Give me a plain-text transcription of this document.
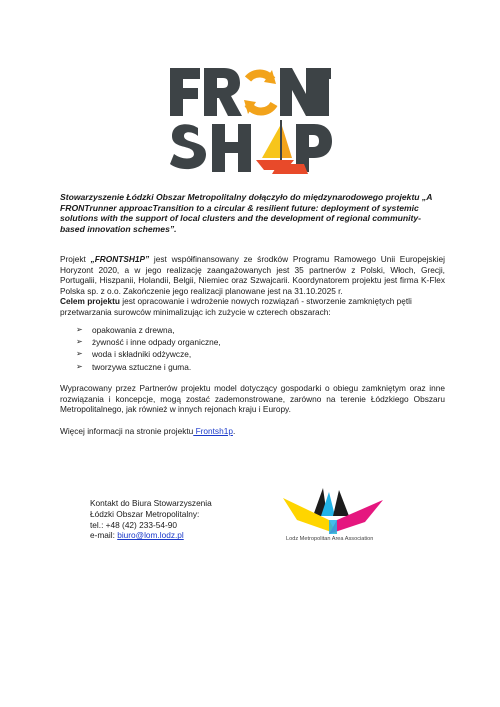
Stowarzyszenie Łódzki Obszar Metropolitalny dołączyło do międzynarodowego projektu „A FRONTrunner approacTransition to a circular & resilient future: deployment of systemic solutions with the support of local clusters and the development of regional community-based innovation schemes”.

Projekt „FRONTSH1P” jest współfinansowany ze środków Programu Ramowego Unii Europejskiej Horyzont 2020, a w jego realizację zaangażowanych jest 35 partnerów z Polski, Włoch, Grecji, Portugalii, Hiszpanii, Holandii, Belgii, Niemiec oraz Szwajcarii. Koordynatorem projektu jest firma K-Flex Polska sp. z o.o. Zakończenie jego realizacji planowane jest na 31.10.2025 r.

Celem projektu jest opracowanie i wdrożenie nowych rozwiązań - stworzenie zamkniętych pętli przetwarzania surowców minimalizując ich zużycie w czterech obszarach:

➢ opakowania z drewna,
➢ żywność i inne odpady organiczne,
➢ woda i składniki odżywcze,
➢ tworzywa sztuczne i guma.

Wypracowany przez Partnerów projektu model dotyczący gospodarki o obiegu zamkniętym oraz inne rozwiązania i koncepcje, mogą zostać zademonstrowane, zarówno na terenie Łódzkiego Obszaru Metropolitalnego, jak również w innych rejonach kraju i Europy.

Więcej informacji na stronie projektu Frontsh1p.

Kontakt do Biura Stowarzyszenia
Łódzki Obszar Metropolitalny:
tel.: +48 (42) 233-54-90
e-mail: biuro@lom.lodz.pl	Lodz Metropolitan Area Association
